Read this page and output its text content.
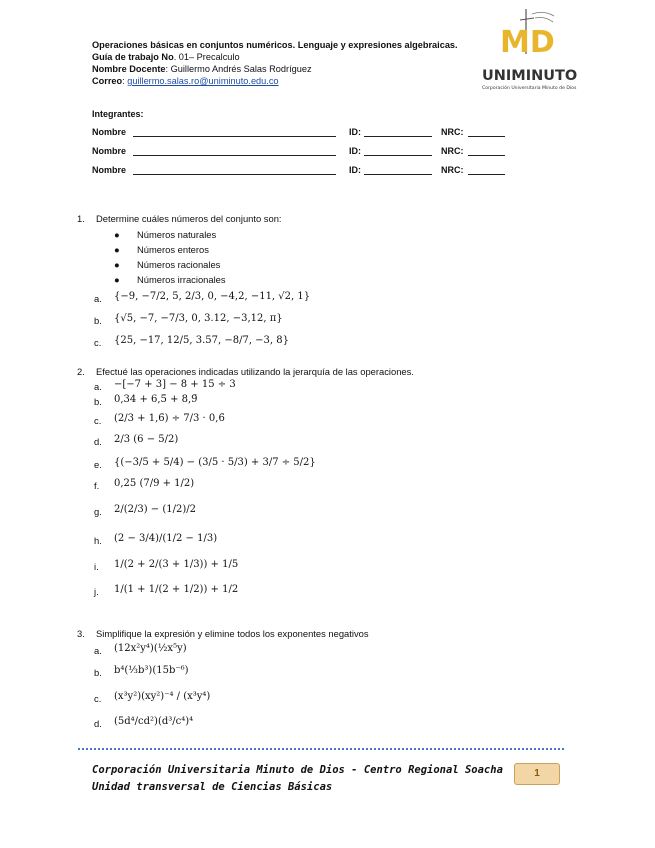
Operaciones básicas en conjuntos numéricos. Lenguaje y expresiones algebraicas.
Guía de trabajo No. 01– Precalculo
Nombre Docente: Guillermo Andrés Salas Rodríguez
Correo: guillermo.salas.ro@uniminuto.edu.co
MD
UNIMINUTO
Corporación Universitaria Minuto de Dios
Integrantes:
Nombre	ID:	NRC:
Nombre	ID:	NRC:
Nombre	ID:	NRC:
1. Determine cuáles números del conjunto son:
● Números naturales
● Números enteros
● Números racionales
● Números irracionales
a. {−9, −7/2, 5, 2/3, 0, −4,2, −11, √2, 1}
b. {√5, −7, −7/3, 0, 3.12, −3,12, π}
c. {25, −17, 12/5, 3.57, −8/7, −3, 8}
2. Efectué las operaciones indicadas utilizando la jerarquía de las operaciones.
a. −[−7 + 3] − 8 + 15 ÷ 3
b. 0,34 + 6,5̄ + 8,9̄
c. (2/3 + 1,6̄) ÷ 7/3 · 0,6̄
d. 2/3 (6 − 5/2)
e. {(−3/5 + 5/4) − (3/5 · 5/3) + 3/7 ÷ 5/2}
f. 0,25 (7/9 + 1/2)
g. 2/(2/3) − (1/2)/2
h. (2 − 3/4)/(1/2 − 1/3)
i. 1/(2 + 2/(3 + 1/3)) + 1/5
j. 1/(1 + 1/(2 + 1/2)) + 1/2
3. Simplifique la expresión y elimine todos los exponentes negativos
a. (12x²y⁴)(½x⁵y)
b. b⁴(⅓b³)(15b⁻⁶)
c. (x³y²)(xy²)⁻⁴ / (x³y⁴)
d. (5d⁴/cd²)(d³/c⁴)⁴
Corporación Universitaria Minuto de Dios - Centro Regional Soacha
Unidad transversal de Ciencias Básicas
1
